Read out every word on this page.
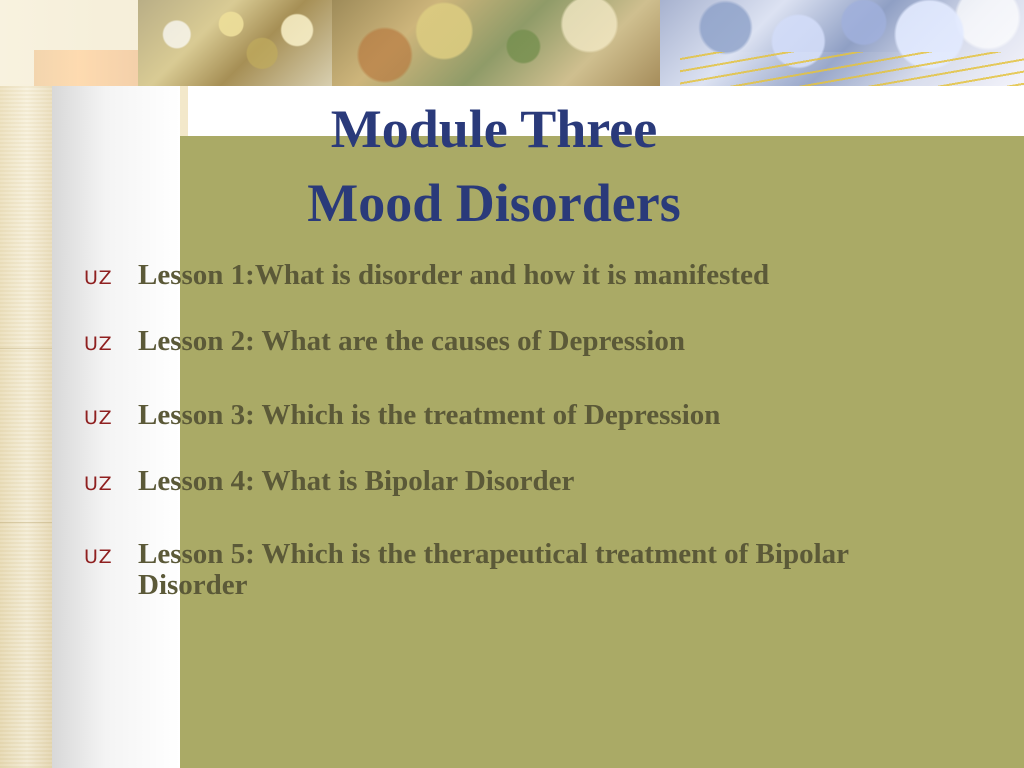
Module Three
Mood Disorders
UZ Lesson 1:What is disorder and how it is manifested
UZ Lesson 2: What are the causes of Depression
UZ Lesson 3: Which is the treatment of Depression
UZ Lesson 4: What is Bipolar Disorder
UZ Lesson 5: Which is the therapeutical treatment of Bipolar Disorder
